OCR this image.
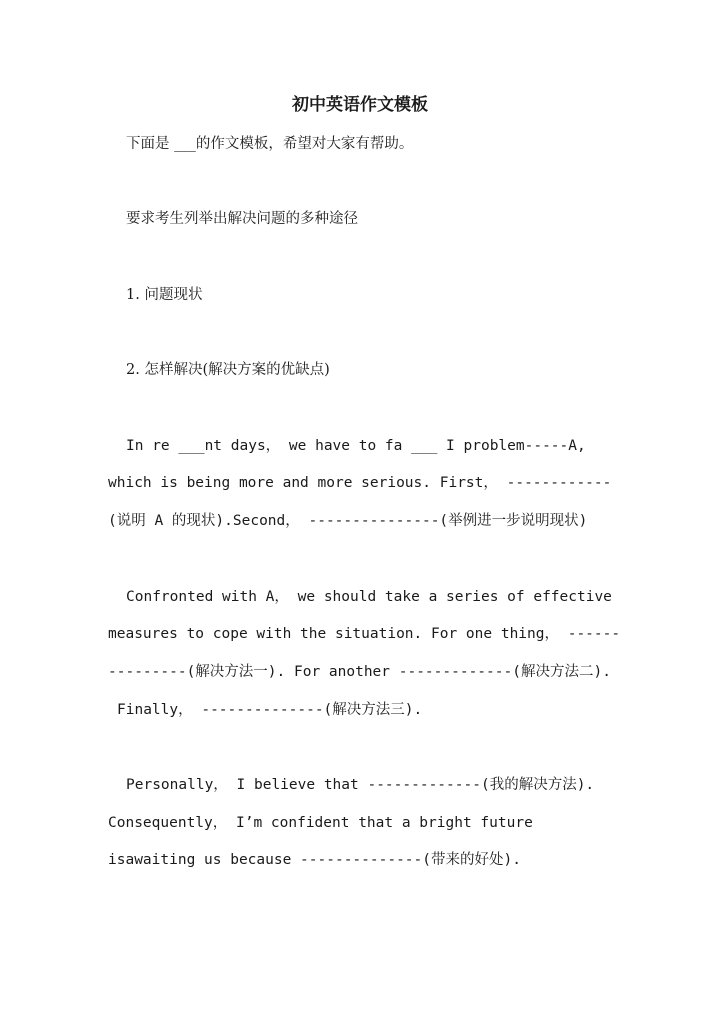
初中英语作文模板
下面是 ___的作文模板，希望对大家有帮助。
要求考生列举出解决问题的多种途径
1. 问题现状
2. 怎样解决(解决方案的优缺点)
In re ___nt days， we have to fa ___ I problem-----A,
which is being more and more serious. First， ------------
(说明 A 的现状).Second， ---------------(举例进一步说明现状)
Confronted with A， we should take a series of effective
measures to cope with the situation. For one thing， ------
---------(解决方法一). For another -------------(解决方法二).
Finally， --------------(解决方法三).
Personally， I believe that -------------(我的解决方法).
Consequently， I’m confident that a bright future
isawaiting us because --------------(带来的好处).
